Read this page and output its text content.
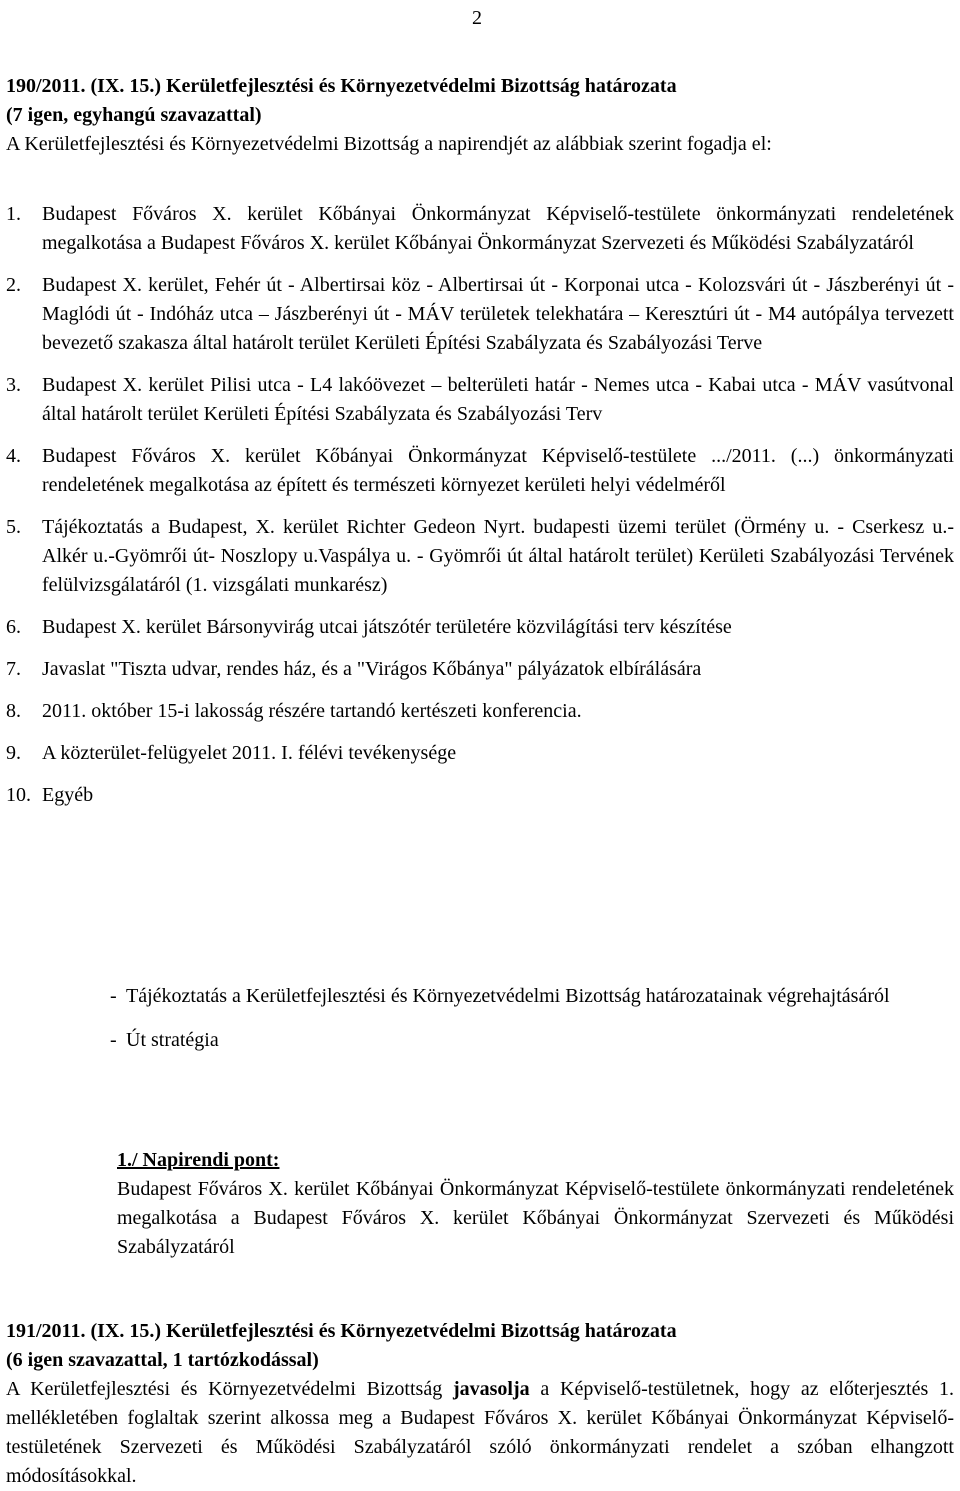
2
190/2011. (IX. 15.) Kerületfejlesztési és Környezetvédelmi Bizottság határozata
(7 igen, egyhangú szavazattal)
A Kerületfejlesztési és Környezetvédelmi Bizottság a napirendjét az alábbiak szerint fogadja el:
1.	Budapest Főváros X. kerület Kőbányai Önkormányzat Képviselő-testülete önkormányzati rendeletének megalkotása a Budapest Főváros X. kerület Kőbányai Önkormányzat Szervezeti és Működési Szabályzatáról
2.	Budapest X. kerület, Fehér út - Albertirsai köz - Albertirsai út - Korponai utca - Kolozsvári út - Jászberényi út - Maglódi út - Indóház utca – Jászberényi út - MÁV területek telekhatára – Keresztúri út - M4 autópálya tervezett bevezető szakasza által határolt terület Kerületi Építési Szabályzata és Szabályozási Terve
3.	Budapest X. kerület Pilisi utca - L4 lakóövezet – belterületi határ - Nemes utca - Kabai utca - MÁV vasútvonal által határolt terület Kerületi Építési Szabályzata és Szabályozási Terv
4.	Budapest Főváros X. kerület Kőbányai Önkormányzat Képviselő-testülete .../2011. (...) önkormányzati rendeletének megalkotása az épített és természeti környezet kerületi helyi védelméről
5.	Tájékoztatás a Budapest, X. kerület Richter Gedeon Nyrt. budapesti üzemi terület (Örmény u. - Cserkesz u.- Alkér u.-Gyömrői út- Noszlopy u.Vaspálya u. - Gyömrői út által határolt terület) Kerületi Szabályozási Tervének felülvizsgálatáról (1. vizsgálati munkarész)
6.	Budapest X. kerület Bársonyvirág utcai játszótér területére közvilágítási terv készítése
7.	Javaslat "Tiszta udvar, rendes ház, és a "Virágos Kőbánya" pályázatok elbírálására
8.	2011. október 15-i lakosság részére tartandó kertészeti konferencia.
9.	A közterület-felügyelet 2011. I. félévi tevékenysége
10. Egyéb
- Tájékoztatás a Kerületfejlesztési és Környezetvédelmi Bizottság határozatainak végrehajtásáról
- Út stratégia
1./ Napirendi pont:
Budapest Főváros X. kerület Kőbányai Önkormányzat Képviselő-testülete önkormányzati rendeletének megalkotása a Budapest Főváros X. kerület Kőbányai Önkormányzat Szervezeti és Működési Szabályzatáról
191/2011. (IX. 15.) Kerületfejlesztési és Környezetvédelmi Bizottság határozata
(6 igen szavazattal, 1 tartózkodással)
A Kerületfejlesztési és Környezetvédelmi Bizottság javasolja a Képviselő-testületnek, hogy az előterjesztés 1. mellékletében foglaltak szerint alkossa meg a Budapest Főváros X. kerület Kőbányai Önkormányzat Képviselő-testületének Szervezeti és Működési Szabályzatáról szóló önkormányzati rendelet a szóban elhangzott módosításokkal.
